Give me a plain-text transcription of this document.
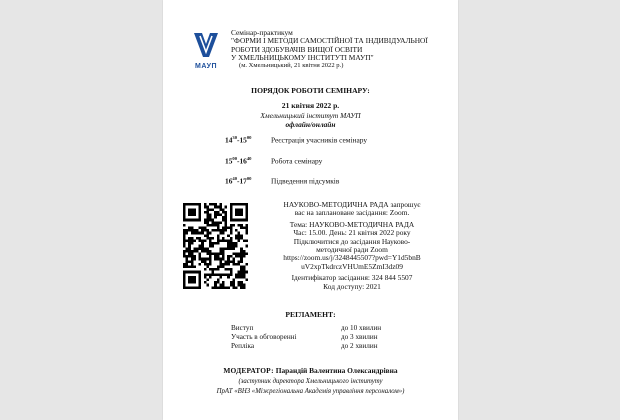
МАУП
Семінар-практикум
"ФОРМИ І МЕТОДИ САМОСТІЙНОЇ ТА ІНДИВІДУАЛЬНОЇ
РОБОТИ ЗДОБУВАЧІВ ВИЩОЇ ОСВІТИ
У ХМЕЛЬНИЦЬКОМУ ІНСТИТУТІ МАУП"
(м. Хмельницький, 21 квітня 2022 р.)
ПОРЯДОК РОБОТИ СЕМІНАРУ:
21 квітня 2022 р.
Хмельницький інститут МАУП
офлайн/онлайн
$14^{30}-15^{00}$	Реєстрація учасників семінару
$15^{00}-16^{40}$	Робота семінару
$16^{40}-17^{00}$	Підведення підсумків
НАУКОВО-МЕТОДИЧНА РАДА запрошує
вас на заплановане засідання: Zoom.
Тема: НАУКОВО-МЕТОДИЧНА РАДА
Час: 15.00. День: 21 квітня 2022 року
Підключитися до засідання Науково-
методичної ради Zoom
https://zoom.us/j/3248445507?pwd=Y1d5bnB
uV2xpTkdrczVHUmE5ZmI3dz09
Ідентифікатор засідання: 324 844 5507
Код доступу: 2021
РЕГЛАМЕНТ:
Виступ	до 10 хвилин
Участь в обговоренні	до 3 хвилин
Репліка	до 2 хвилин
МОДЕРАТОР: Парандій Валентина Олександрівна
(заступник директора Хмельницького інституту
ПрАТ «ВНЗ «Міжрегіональна Академія управління персоналом»)
